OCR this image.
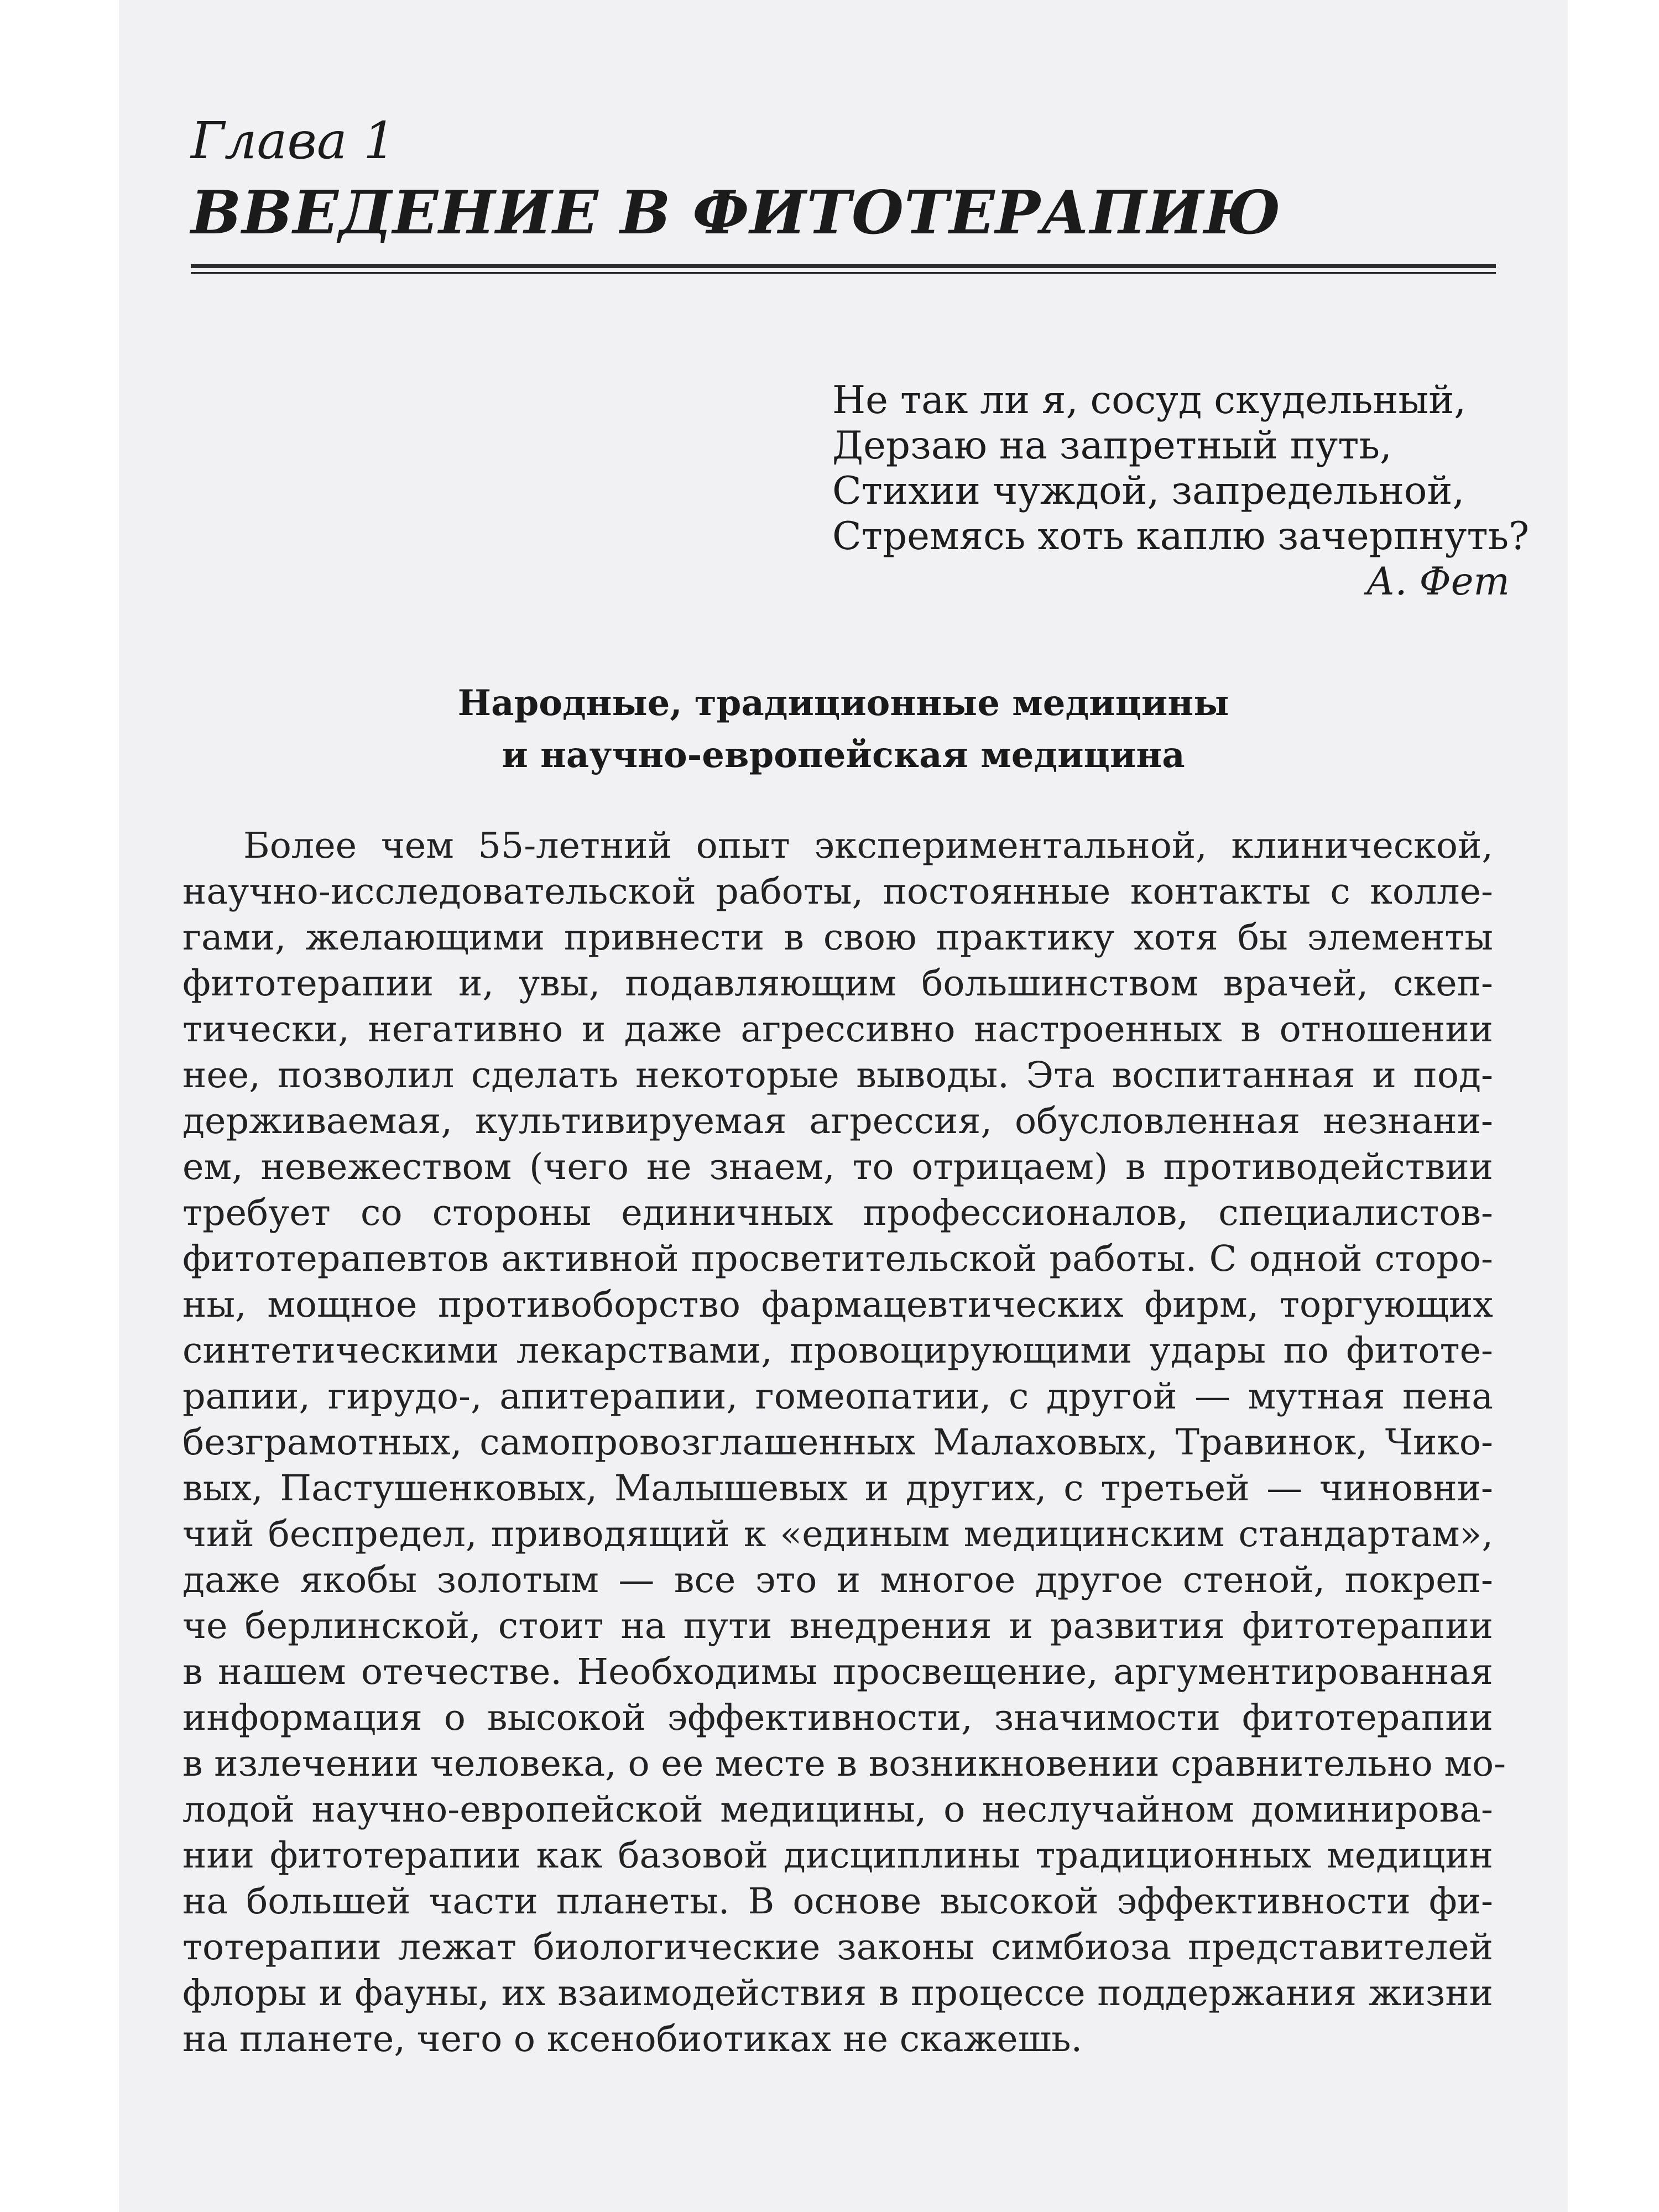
Глава 1
ВВЕДЕНИЕ В ФИТОТЕРАПИЮ
Не так ли я, сосуд скудельный,
Дерзаю на запретный путь,
Стихии чуждой, запредельной,
Стремясь хоть каплю зачерпнуть?
А. Фет
Народные, традиционные медицины
и научно-европейская медицина
Более чем 55-летний опыт экспериментальной, клинической,
научно-исследовательской работы, постоянные контакты с колле-
гами, желающими привнести в свою практику хотя бы элементы
фитотерапии и, увы, подавляющим большинством врачей, скеп-
тически, негативно и даже агрессивно настроенных в отношении
нее, позволил сделать некоторые выводы. Эта воспитанная и под-
держиваемая, культивируемая агрессия, обусловленная незнани-
ем, невежеством (чего не знаем, то отрицаем) в противодействии
требует со стороны единичных профессионалов, специалистов-
фитотерапевтов активной просветительской работы. С одной сторо-
ны, мощное противоборство фармацевтических фирм, торгующих
синтетическими лекарствами, провоцирующими удары по фитоте-
рапии, гирудо-, апитерапии, гомеопатии, с другой — мутная пена
безграмотных, самопровозглашенных Малаховых, Травинок, Чико-
вых, Пастушенковых, Малышевых и других, с третьей — чиновни-
чий беспредел, приводящий к «единым медицинским стандартам»,
даже якобы золотым — все это и многое другое стеной, покреп-
че берлинской, стоит на пути внедрения и развития фитотерапии
в нашем отечестве. Необходимы просвещение, аргументированная
информация о высокой эффективности, значимости фитотерапии
в излечении человека, о ее месте в возникновении сравнительно мо-
лодой научно-европейской медицины, о неслучайном доминирова-
нии фитотерапии как базовой дисциплины традиционных медицин
на большей части планеты. В основе высокой эффективности фи-
тотерапии лежат биологические законы симбиоза представителей
флоры и фауны, их взаимодействия в процессе поддержания жизни
на планете, чего о ксенобиотиках не скажешь.
